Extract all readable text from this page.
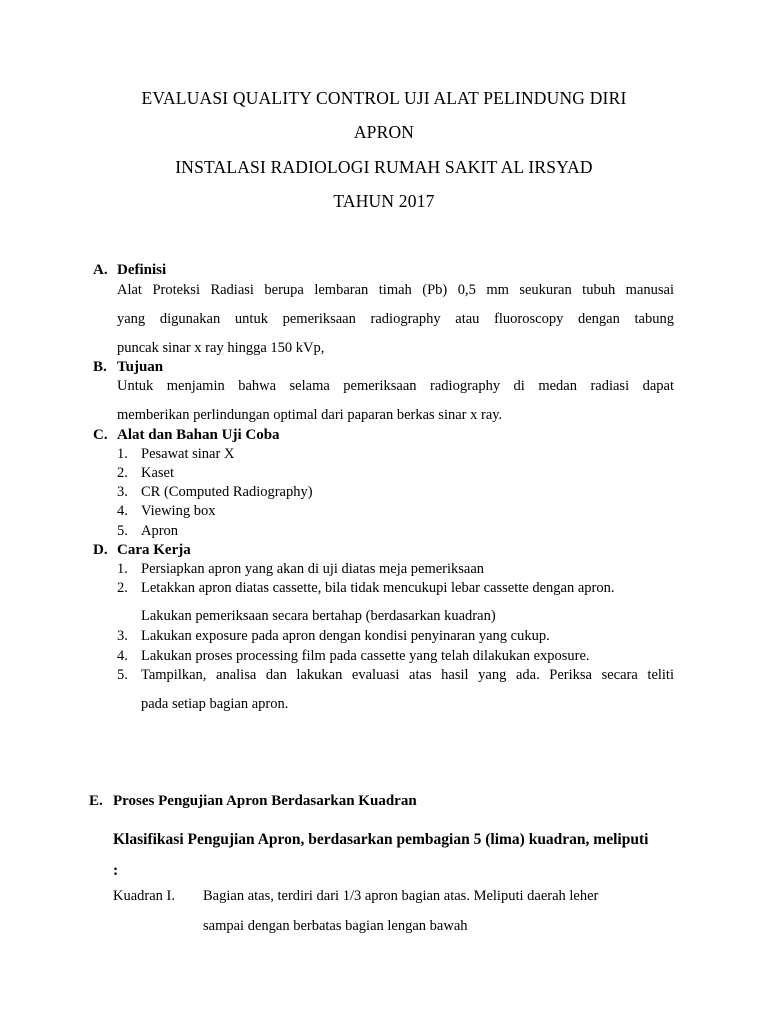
EVALUASI QUALITY CONTROL UJI ALAT PELINDUNG DIRI
APRON
INSTALASI RADIOLOGI RUMAH SAKIT AL IRSYAD
TAHUN 2017
A. Definisi
Alat Proteksi Radiasi berupa lembaran timah (Pb) 0,5 mm seukuran tubuh manusai
yang digunakan untuk pemeriksaan radiography atau fluoroscopy dengan tabung
puncak sinar x ray hingga 150 kVp,
B. Tujuan
Untuk menjamin bahwa selama pemeriksaan radiography di medan radiasi dapat
memberikan perlindungan optimal dari paparan berkas sinar x ray.
C. Alat dan Bahan Uji Coba
1. Pesawat sinar X
2. Kaset
3. CR (Computed Radiography)
4. Viewing box
5. Apron
D. Cara Kerja
1. Persiapkan apron yang akan di uji diatas meja pemeriksaan
2. Letakkan apron diatas cassette, bila tidak mencukupi lebar cassette dengan apron.
Lakukan pemeriksaan secara bertahap (berdasarkan kuadran)
3. Lakukan exposure pada apron dengan kondisi penyinaran yang cukup.
4. Lakukan proses processing film pada cassette yang telah dilakukan exposure.
5. Tampilkan, analisa dan lakukan evaluasi atas hasil yang ada. Periksa secara teliti
pada setiap bagian apron.
E. Proses Pengujian Apron Berdasarkan Kuadran
Klasifikasi Pengujian Apron, berdasarkan pembagian 5 (lima) kuadran, meliputi
:
Kuadran I. Bagian atas, terdiri dari 1/3 apron bagian atas. Meliputi daerah leher
sampai dengan berbatas bagian lengan bawah
